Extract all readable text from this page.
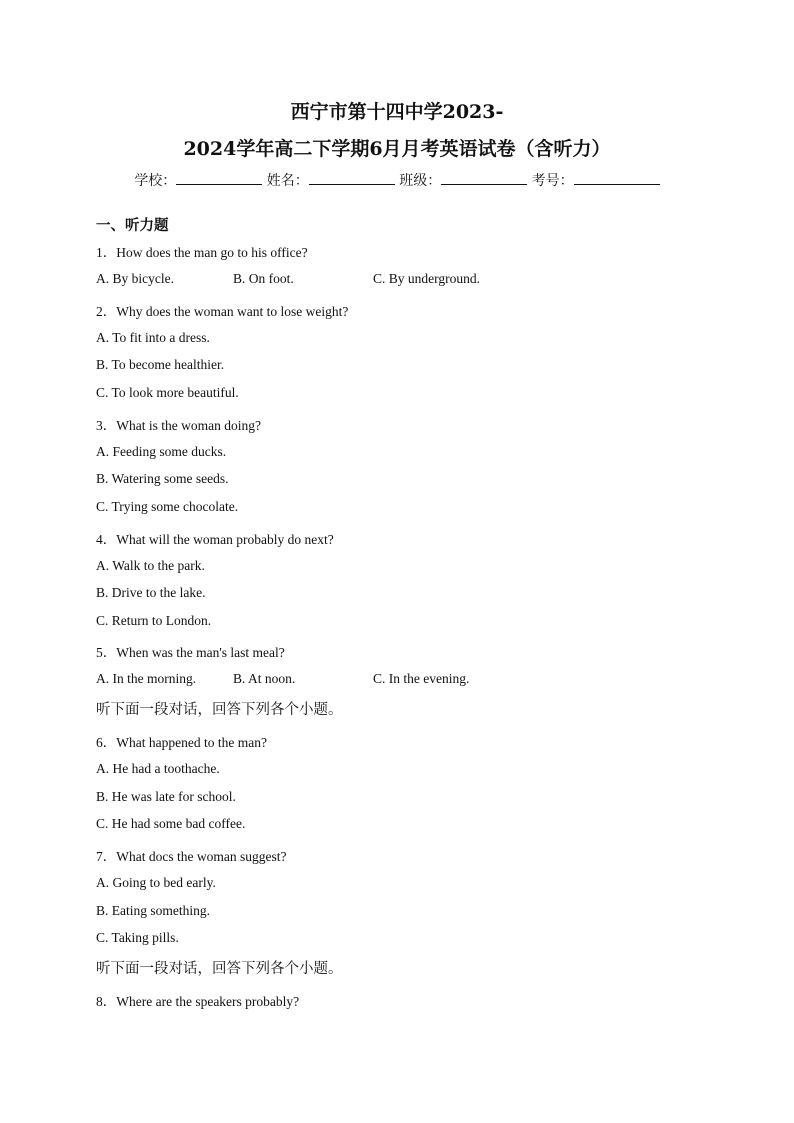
西宁市第十四中学2023-
2024学年高二下学期6月月考英语试卷（含听力）
学校：	姓名：	班级：	考号：
一、听力题
1．How does the man go to his office?
A. By bicycle.	B. On foot.	C. By underground.
2．Why does the woman want to lose weight?
A. To fit into a dress.
B. To become healthier.
C. To look more beautiful.
3．What is the woman doing?
A. Feeding some ducks.
B. Watering some seeds.
C. Trying some chocolate.
4．What will the woman probably do next?
A. Walk to the park.
B. Drive to the lake.
C. Return to London.
5．When was the man's last meal?
A. In the morning.	B. At noon.	C. In the evening.
听下面一段对话，回答下列各个小题。
6．What happened to the man?
A. He had a toothache.
B. He was late for school.
C. He had some bad coffee.
7．What docs the woman suggest?
A. Going to bed early.
B. Eating something.
C. Taking pills.
听下面一段对话，回答下列各个小题。
8．Where are the speakers probably?
